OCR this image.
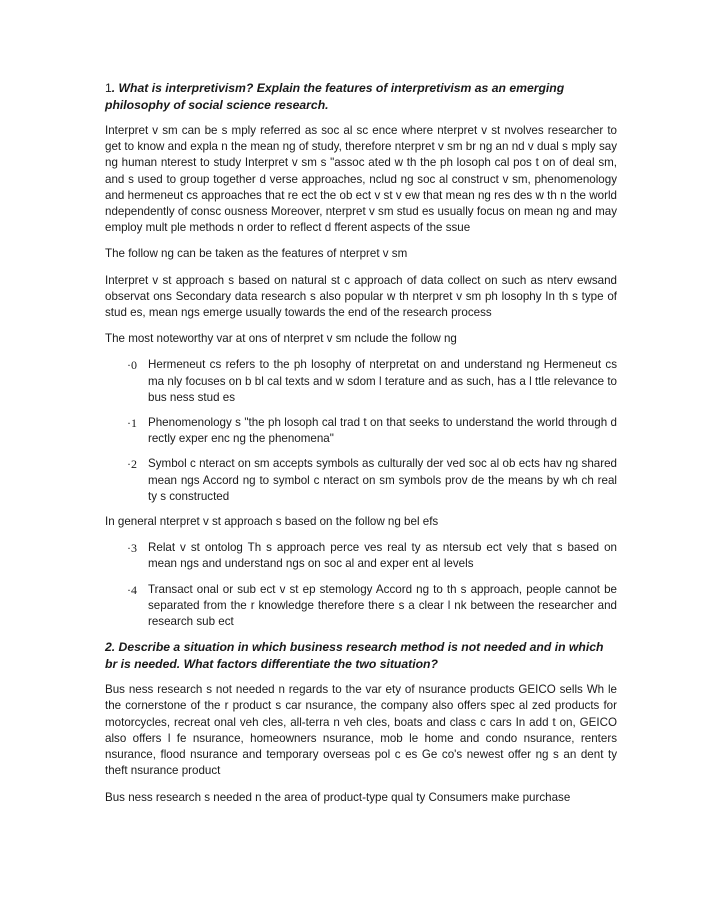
1. What is interpretivism? Explain the features of interpretivism as an emerging philosophy of social science research.

Interpret v sm can be s mply referred as soc al sc ence where nterpret v st nvolves researcher to get to know and expla n the mean ng of study, therefore nterpret v sm br ng an nd v dual s mply say ng human nterest to study Interpret v sm s "assoc ated w th the ph losoph cal pos t on of deal sm, and s used to group together d verse approaches, nclud ng soc al construct v sm, phenomenology and hermeneut cs approaches that re ect the ob ect v st v ew that mean ng res des w th n the world ndependently of consc ousness Moreover, nterpret v sm stud es usually focus on mean ng and may employ mult ple methods n order to reflect d fferent aspects of the ssue

The follow ng can be taken as the features of nterpret v sm

Interpret v st approach s based on natural st c approach of data collect on such as nterv ewsand observat ons Secondary data research s also popular w th nterpret v sm ph losophy In th s type of stud es, mean ngs emerge usually towards the end of the research process

The most noteworthy var at ons of nterpret v sm nclude the follow ng

·0 Hermeneut cs refers to the ph losophy of nterpretat on and understand ng Hermeneut cs ma nly focuses on b bl cal texts and w sdom l terature and as such, has a l ttle relevance to bus ness stud es
·1 Phenomenology s "the ph losoph cal trad t on that seeks to understand the world through d rectly exper enc ng the phenomena"
·2 Symbol c nteract on sm accepts symbols as culturally der ved soc al ob ects hav ng shared mean ngs Accord ng to symbol c nteract on sm symbols prov de the means by wh ch real ty s constructed

In general nterpret v st approach s based on the follow ng bel efs

·3 Relat v st ontolog Th s approach perce ves real ty as ntersub ect vely that s based on mean ngs and understand ngs on soc al and exper ent al levels
·4 Transact onal or sub ect v st ep stemology Accord ng to th s approach, people cannot be separated from the r knowledge therefore there s a clear l nk between the researcher and research sub ect
2. Describe a situation in which business research method is not needed and in which br is needed. What factors differentiate the two situation?

Bus ness research s not needed n regards to the var ety of nsurance products GEICO sells Wh le the cornerstone of the r product s car nsurance, the company also offers spec al zed products for motorcycles, recreat onal veh cles, all-terra n veh cles, boats and class c cars In add t on, GEICO also offers l fe nsurance, homeowners nsurance, mob le home and condo nsurance, renters nsurance, flood nsurance and temporary overseas pol c es Ge co's newest offer ng s an dent ty theft nsurance product

Bus ness research s needed n the area of product-type qual ty Consumers make purchase
